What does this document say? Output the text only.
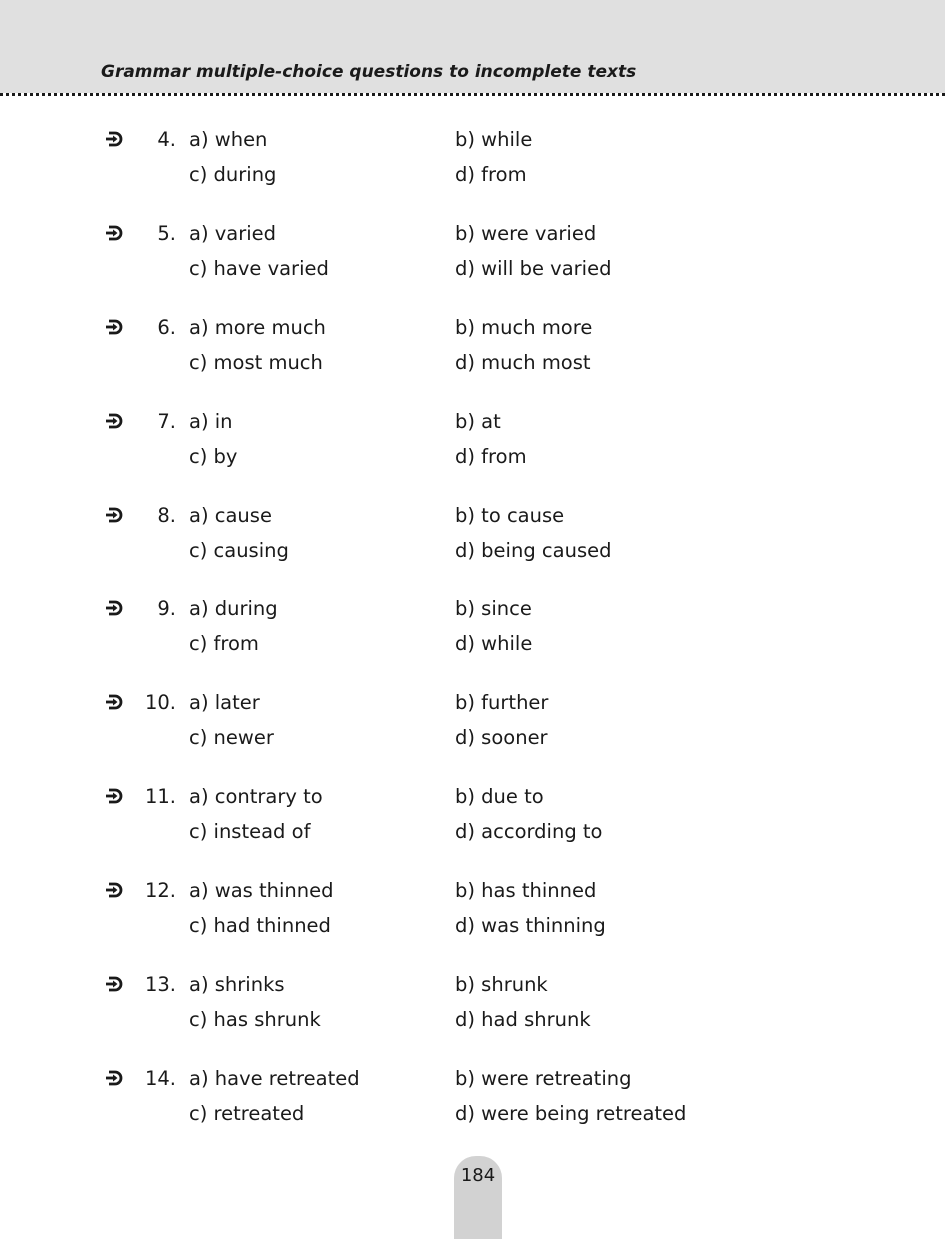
Grammar multiple-choice questions to incomplete texts
4. a) when	b) while
c) during	d) from
5. a) varied	b) were varied
c) have varied	d) will be varied
6. a) more much	b) much more
c) most much	d) much most
7. a) in	b) at
c) by	d) from
8. a) cause	b) to cause
c) causing	d) being caused
9. a) during	b) since
c) from	d) while
10. a) later	b) further
c) newer	d) sooner
11. a) contrary to	b) due to
c) instead of	d) according to
12. a) was thinned	b) has thinned
c) had thinned	d) was thinning
13. a) shrinks	b) shrunk
c) has shrunk	d) had shrunk
14. a) have retreated	b) were retreating
c) retreated	d) were being retreated
184
